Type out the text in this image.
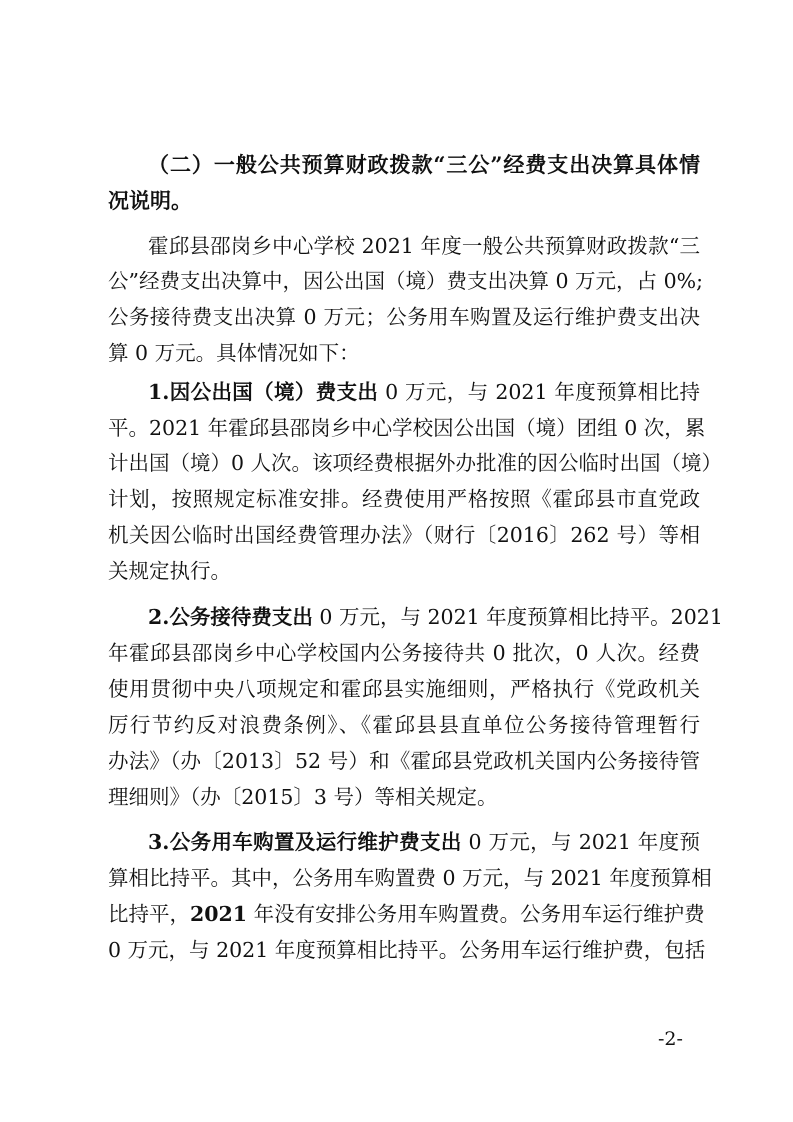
（二）一般公共预算财政拨款“三公”经费支出决算具体情
况说明。
霍邱县邵岗乡中心学校 2021 年度一般公共预算财政拨款“三
公”经费支出决算中，因公出国（境）费支出决算 0 万元，占 0%;
公务接待费支出决算 0 万元；公务用车购置及运行维护费支出决
算 0 万元。具体情况如下：
1.因公出国（境）费支出 0 万元，与 2021 年度预算相比持
平。2021 年霍邱县邵岗乡中心学校因公出国（境）团组 0 次，累
计出国（境）0 人次。该项经费根据外办批准的因公临时出国（境）
计划，按照规定标准安排。经费使用严格按照《霍邱县市直党政
机关因公临时出国经费管理办法》（财行〔2016〕262 号）等相
关规定执行。
2.公务接待费支出 0 万元，与 2021 年度预算相比持平。2021
年霍邱县邵岗乡中心学校国内公务接待共 0 批次，0 人次。经费
使用贯彻中央八项规定和霍邱县实施细则，严格执行《党政机关
厉行节约反对浪费条例》、《霍邱县县直单位公务接待管理暂行
办法》（办〔2013〕52 号）和《霍邱县党政机关国内公务接待管
理细则》（办〔2015〕3 号）等相关规定。
3.公务用车购置及运行维护费支出 0 万元，与 2021 年度预
算相比持平。其中，公务用车购置费 0 万元，与 2021 年度预算相
比持平，2021 年没有安排公务用车购置费。公务用车运行维护费
0 万元，与 2021 年度预算相比持平。公务用车运行维护费，包括
-2-
